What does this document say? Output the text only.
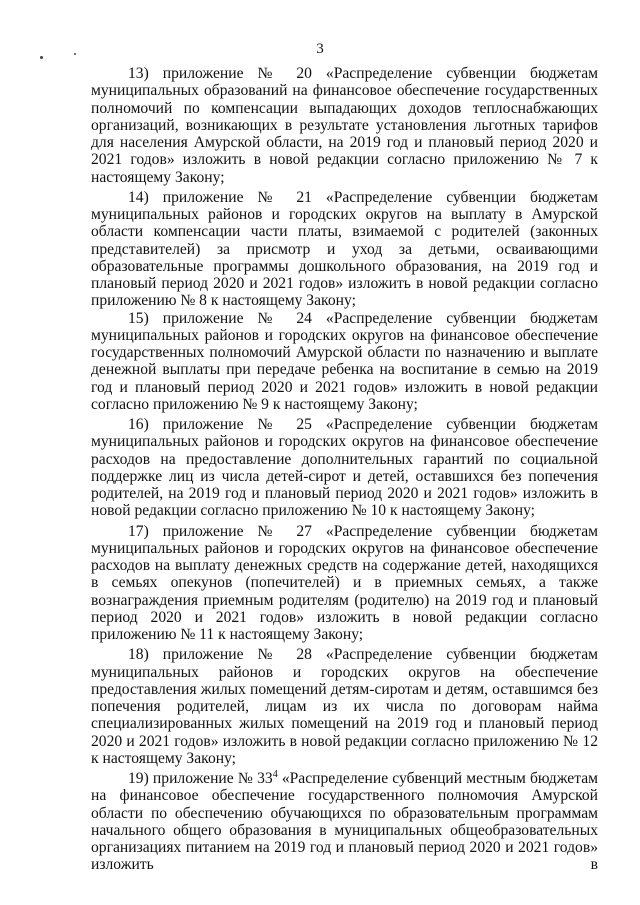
3

13) приложение № 20 «Распределение субвенции бюджетам муниципальных образований на финансовое обеспечение государственных полномочий по компенсации выпадающих доходов теплоснабжающих организаций, возникающих в результате установления льготных тарифов для населения Амурской области, на 2019 год и плановый период 2020 и 2021 годов» изложить в новой редакции согласно приложению № 7 к настоящему Закону;

14) приложение № 21 «Распределение субвенции бюджетам муниципальных районов и городских округов на выплату в Амурской области компенсации части платы, взимаемой с родителей (законных представителей) за присмотр и уход за детьми, осваивающими образовательные программы дошкольного образования, на 2019 год и плановый период 2020 и 2021 годов» изложить в новой редакции согласно приложению № 8 к настоящему Закону;

15) приложение № 24 «Распределение субвенции бюджетам муниципальных районов и городских округов на финансовое обеспечение государственных полномочий Амурской области по назначению и выплате денежной выплаты при передаче ребенка на воспитание в семью на 2019 год и плановый период 2020 и 2021 годов» изложить в новой редакции согласно приложению № 9 к настоящему Закону;

16) приложение № 25 «Распределение субвенции бюджетам муниципальных районов и городских округов на финансовое обеспечение расходов на предоставление дополнительных гарантий по социальной поддержке лиц из числа детей-сирот и детей, оставшихся без попечения родителей, на 2019 год и плановый период 2020 и 2021 годов» изложить в новой редакции согласно приложению № 10 к настоящему Закону;

17) приложение № 27 «Распределение субвенции бюджетам муниципальных районов и городских округов на финансовое обеспечение расходов на выплату денежных средств на содержание детей, находящихся в семьях опекунов (попечителей) и в приемных семьях, а также вознаграждения приемным родителям (родителю) на 2019 год и плановый период 2020 и 2021 годов» изложить в новой редакции согласно приложению № 11 к настоящему Закону;

18) приложение № 28 «Распределение субвенции бюджетам муниципальных районов и городских округов на обеспечение предоставления жилых помещений детям-сиротам и детям, оставшимся без попечения родителей, лицам из их числа по договорам найма специализированных жилых помещений на 2019 год и плановый период 2020 и 2021 годов» изложить в новой редакции согласно приложению № 12 к настоящему Закону;

19) приложение № $33^4$ «Распределение субвенций местным бюджетам на финансовое обеспечение государственного полномочия Амурской области по обеспечению обучающихся по образовательным программам начального общего образования в муниципальных общеобразовательных организациях питанием на 2019 год и плановый период 2020 и 2021 годов» изложить в
